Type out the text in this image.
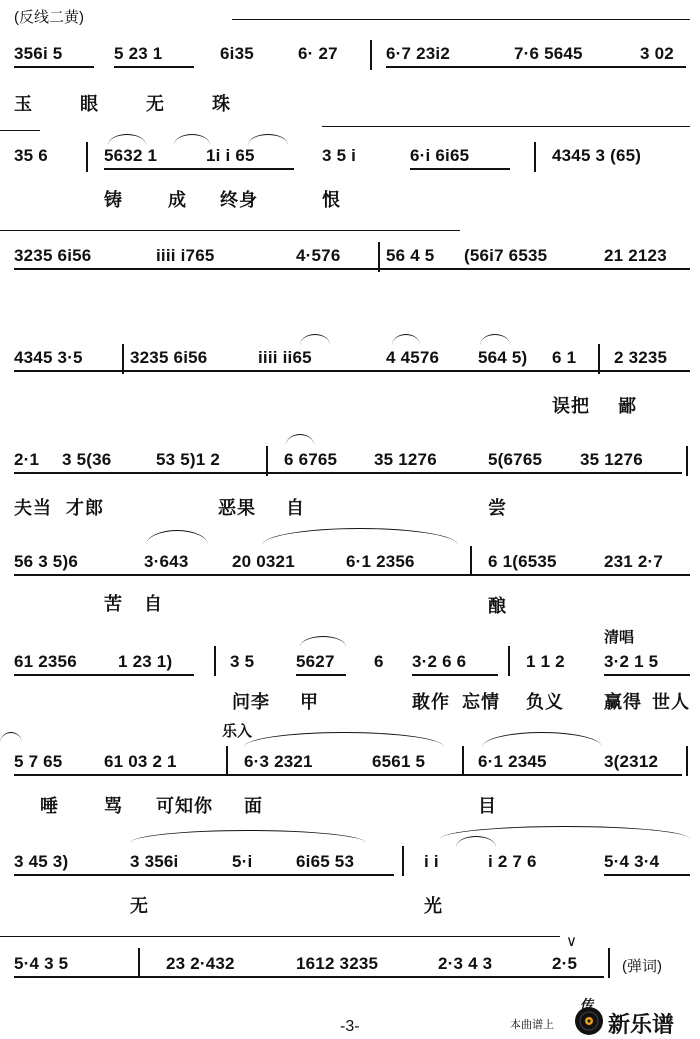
(反线二黄)
356i 5	5 23 1	6i35	6· 27	6·7 23i2	7·6 5645	3 02
玉	眼	无	珠
35 6	5632 1	1i i 65	3 5 i	6·i 6i65	4345 3 (65)
铸	成 终身	恨
3235 6i56	iiii i765	4·576	56 4 5 (56i7 6535	21 2123
4345 3·5	3235 6i56	iiii ii65	4 4576 564 5) 6 1 2 3235
误把 鄙
2·1 3 5(36	53 5)1 2	6 6765 35 1276	5(6765 35 1276
夫当 才郎	恶果 自	尝
56 3 5)6	3·643	20 0321	6·1 2356	6 1(6535	231 2·7
苦 自	酿
清唱
61 2356 1 23 1)	3 5 5627 6 3·2 6 6	1 1 2 3·2 1 5
问李 甲	敢作 忘情 负义 赢得 世人
乐入
5 7 65 61 03 2 1	6·3 2321	6561 5	6·1 2345	3(2312
唾	骂 可知你 面	目
3 45 3)	3 356i	5·i	6i65 53	i i	i 2 7 6	5·4 3·4
无	光
∨
5·4 3 5	23 2·432	1612 3235	2·3 4 3	2·5	(弹词)
-3-	本曲谱上
传
新乐谱
